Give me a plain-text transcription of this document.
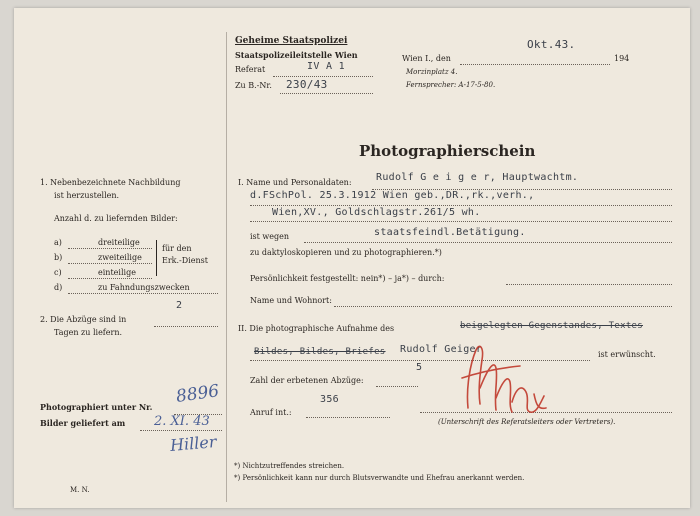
Geheime Staatspolizei
Staatspolizeileitstelle Wien
Referat	IV A 1
Zu B.-Nr. 230/43
Wien I., den
Okt.43.
194
Morzinplatz 4.
Fernsprecher: A-17-5-80.
Photographierschein
1. Nebenbezeichnete Nachbildung
ist herzustellen.
Anzahl d. zu liefernden Bilder:
a)	dreiteilige
b)	zweiteilige
c)	einteilige
für den
Erk.-Dienst
d)	zu Fahndungszwecken
2
2. Die Abzüge sind in
Tagen zu liefern.
Photographiert unter Nr.
8896
Bilder geliefert am 2. XI. 43
Hiller
M. N.
I. Name und Personaldaten: Rudolf G e i g e r, Hauptwachtm.
d.FSchPol. 25.3.1912 Wien geb.,DR.,rk.,verh.,
Wien,XV., Goldschlagstr.261/5 wh.
ist wegen	staatsfeindl.Betätigung.
zu daktyloskopieren und zu photographieren.*)
Persönlichkeit festgestellt: nein*) – ja*) – durch:
Name und Wohnort:
II. Die photographische Aufnahme des	beigelegten Gegenstandes, Textes
Bildes, Bildes, Briefes Rudolf Geiger	ist erwünscht.
Zahl der erbetenen Abzüge:
5
Anruf int.:
356
(Unterschrift des Referatsleiters oder Vertreters).
*) Nichtzutreffendes streichen.
*) Persönlichkeit kann nur durch Blutsverwandte und Ehefrau anerkannt werden.
